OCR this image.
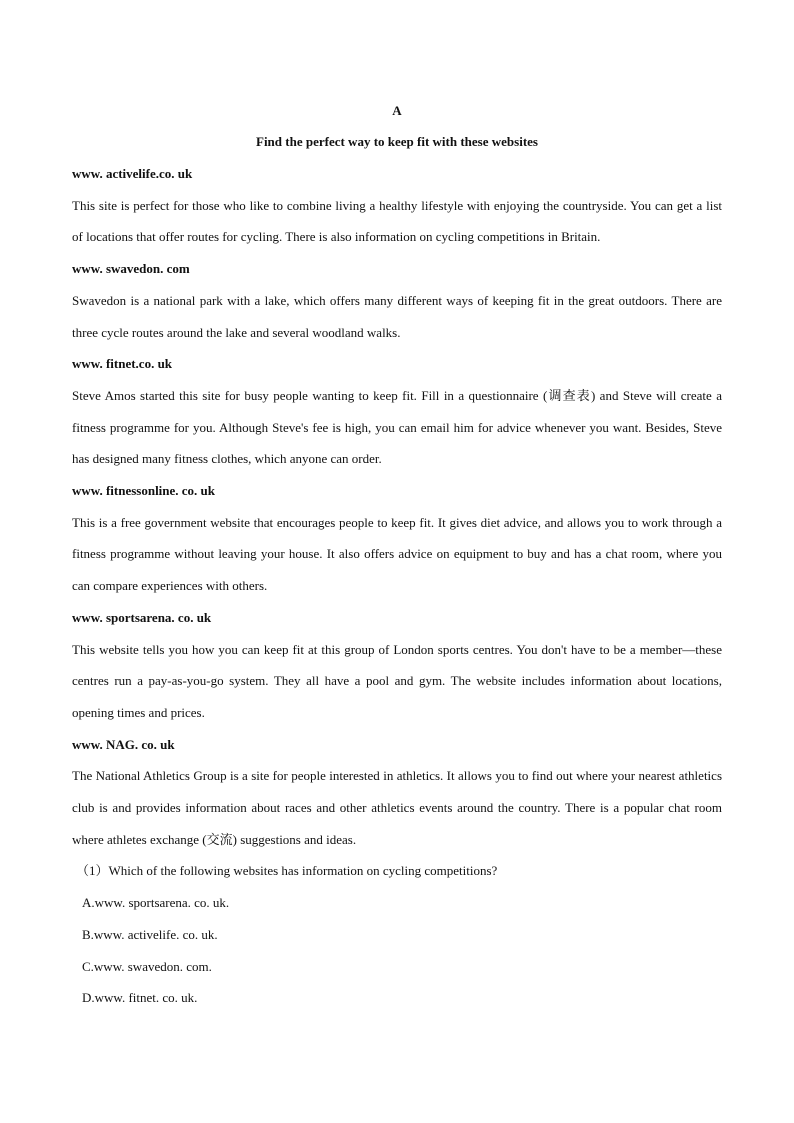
A
Find the perfect way to keep fit with these websites
www. activelife.co. uk
This site is perfect for those who like to combine living a healthy lifestyle with enjoying the countryside. You can get a list of locations that offer routes for cycling. There is also information on cycling competitions in Britain.
www. swavedon. com
Swavedon is a national park with a lake, which offers many different ways of keeping fit in the great outdoors. There are three cycle routes around the lake and several woodland walks.
www. fitnet.co. uk
Steve Amos started this site for busy people wanting to keep fit. Fill in a questionnaire (调查表) and Steve will create a fitness programme for you. Although Steve's fee is high, you can email him for advice whenever you want. Besides, Steve has designed many fitness clothes, which anyone can order.
www. fitnessonline. co. uk
This is a free government website that encourages people to keep fit. It gives diet advice, and allows you to work through a fitness programme without leaving your house. It also offers advice on equipment to buy and has a chat room, where you can compare experiences with others.
www. sportsarena. co. uk
This website tells you how you can keep fit at this group of London sports centres. You don't have to be a member—these centres run a pay-as-you-go system. They all have a pool and gym. The website includes information about locations, opening times and prices.
www. NAG. co. uk
The National Athletics Group is a site for people interested in athletics. It allows you to find out where your nearest athletics club is and provides information about races and other athletics events around the country. There is a popular chat room where athletes exchange (交流) suggestions and ideas.
（1）Which of the following websites has information on cycling competitions?
A.www. sportsarena. co. uk.
B.www. activelife. co. uk.
C.www. swavedon. com.
D.www. fitnet. co. uk.
